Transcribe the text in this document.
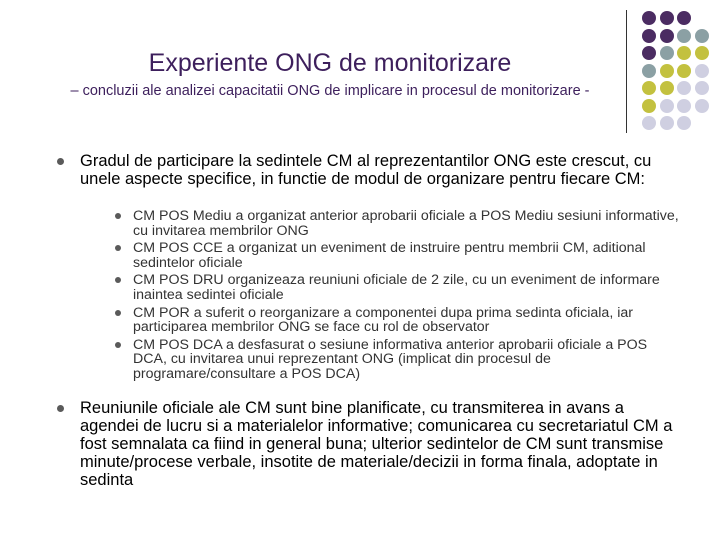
Experiente ONG de monitorizare
– concluzii ale analizei capacitatii ONG de implicare in procesul de monitorizare -
Gradul de participare la sedintele CM al reprezentantilor ONG este crescut, cu unele aspecte specifice, in functie de modul de organizare pentru fiecare CM:
CM POS Mediu a organizat anterior aprobarii oficiale a POS Mediu sesiuni informative, cu invitarea membrilor ONG
CM POS CCE a organizat un eveniment de instruire pentru membrii CM, aditional sedintelor oficiale
CM POS DRU organizeaza reuniuni oficiale de 2 zile, cu un eveniment de informare inaintea sedintei oficiale
CM POR a suferit o reorganizare a componentei dupa prima sedinta oficiala, iar participarea membrilor ONG se face cu rol de observator
CM POS DCA a desfasurat o sesiune informativa anterior aprobarii oficiale a POS DCA, cu invitarea unui reprezentant ONG (implicat din procesul de programare/consultare a POS DCA)
Reuniunile oficiale ale CM sunt bine planificate, cu transmiterea in avans a agendei de lucru si a materialelor informative; comunicarea cu secretariatul CM a fost semnalata ca fiind in general buna; ulterior sedintelor de CM sunt transmise minute/procese verbale, insotite de materiale/decizii in forma finala, adoptate in sedinta
